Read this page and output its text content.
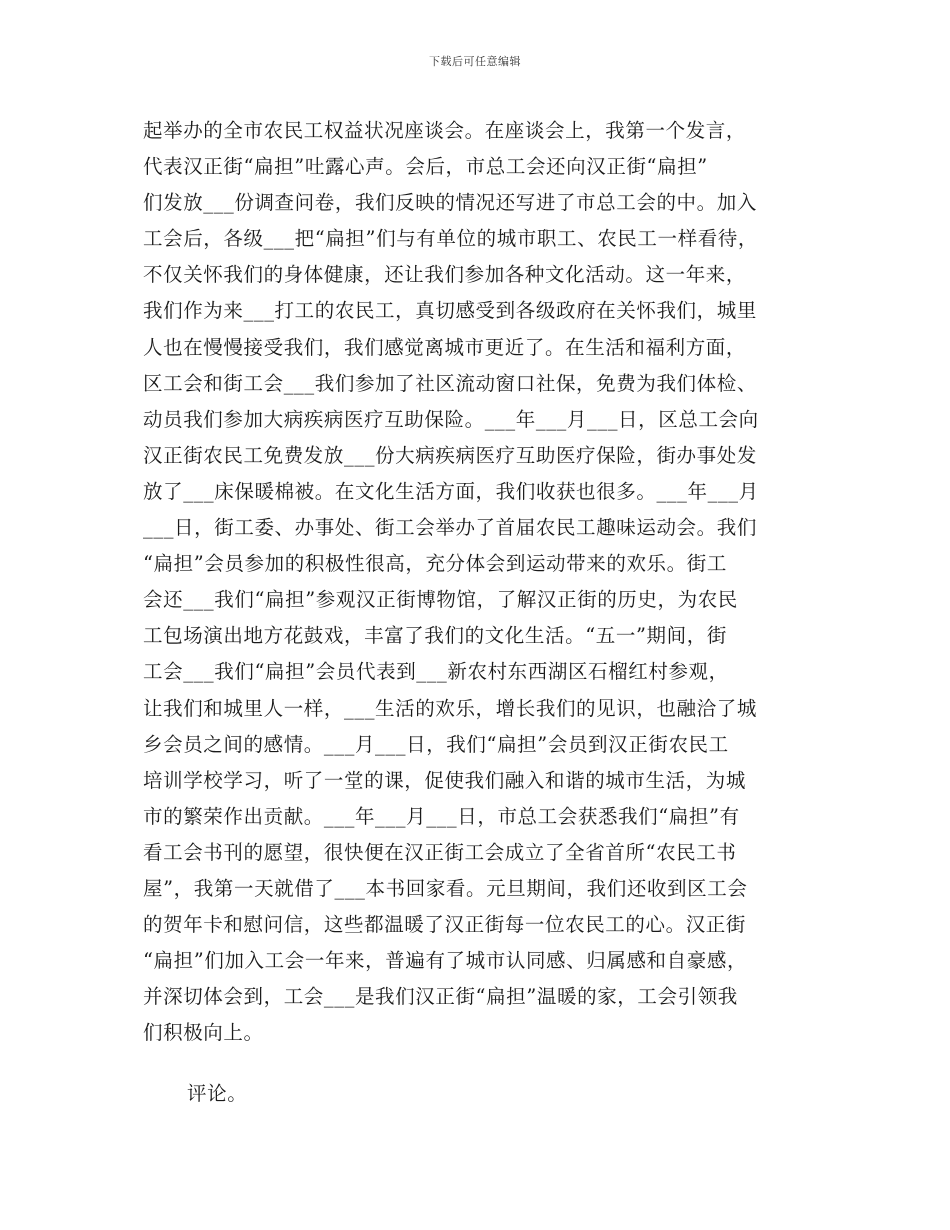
下载后可任意编辑
起举办的全市农民工权益状况座谈会。在座谈会上，我第一个发言，
代表汉正街“扁担”吐露心声。会后，市总工会还向汉正街“扁担”
们发放___份调查问卷，我们反映的情况还写进了市总工会的中。加入
工会后，各级___把“扁担”们与有单位的城市职工、农民工一样看待，
不仅关怀我们的身体健康，还让我们参加各种文化活动。这一年来，
我们作为来___打工的农民工，真切感受到各级政府在关怀我们，城里
人也在慢慢接受我们，我们感觉离城市更近了。在生活和福利方面，
区工会和街工会___我们参加了社区流动窗口社保，免费为我们体检、
动员我们参加大病疾病医疗互助保险。___年___月___日，区总工会向
汉正街农民工免费发放___份大病疾病医疗互助医疗保险，街办事处发
放了___床保暖棉被。在文化生活方面，我们收获也很多。___年___月
___日，街工委、办事处、街工会举办了首届农民工趣味运动会。我们
“扁担”会员参加的积极性很高，充分体会到运动带来的欢乐。街工
会还___我们“扁担”参观汉正街博物馆，了解汉正街的历史，为农民
工包场演出地方花鼓戏，丰富了我们的文化生活。“五一”期间，街
工会___我们“扁担”会员代表到___新农村东西湖区石榴红村参观，
让我们和城里人一样，___生活的欢乐，增长我们的见识，也融洽了城
乡会员之间的感情。___月___日，我们“扁担”会员到汉正街农民工
培训学校学习，听了一堂的课，促使我们融入和谐的城市生活，为城
市的繁荣作出贡献。___年___月___日，市总工会获悉我们“扁担”有
看工会书刊的愿望，很快便在汉正街工会成立了全省首所“农民工书
屋”，我第一天就借了___本书回家看。元旦期间，我们还收到区工会
的贺年卡和慰问信，这些都温暖了汉正街每一位农民工的心。汉正街
“扁担”们加入工会一年来，普遍有了城市认同感、归属感和自豪感，
并深切体会到，工会___是我们汉正街“扁担”温暖的家，工会引领我
们积极向上。
评论。
